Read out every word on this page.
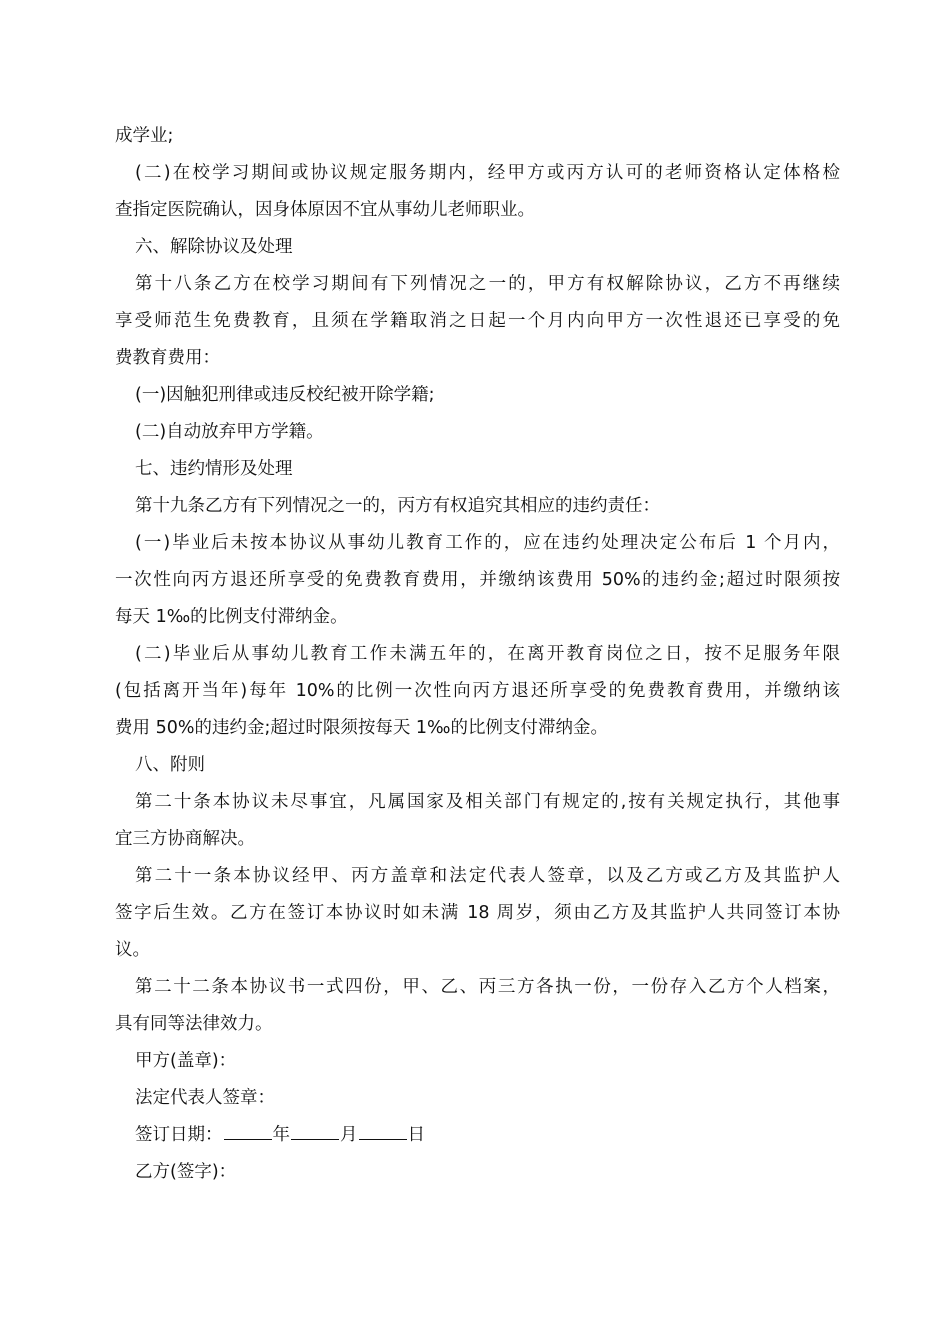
成学业;
(二)在校学习期间或协议规定服务期内，经甲方或丙方认可的老师资格认定体格检
查指定医院确认，因身体原因不宜从事幼儿老师职业。
六、解除协议及处理
第十八条乙方在校学习期间有下列情况之一的，甲方有权解除协议，乙方不再继续
享受师范生免费教育，且须在学籍取消之日起一个月内向甲方一次性退还已享受的免
费教育费用：
(一)因触犯刑律或违反校纪被开除学籍;
(二)自动放弃甲方学籍。
七、违约情形及处理
第十九条乙方有下列情况之一的，丙方有权追究其相应的违约责任：
(一)毕业后未按本协议从事幼儿教育工作的，应在违约处理决定公布后 1 个月内，
一次性向丙方退还所享受的免费教育费用，并缴纳该费用 50%的违约金;超过时限须按
每天 1‰的比例支付滞纳金。
(二)毕业后从事幼儿教育工作未满五年的，在离开教育岗位之日，按不足服务年限
(包括离开当年)每年 10%的比例一次性向丙方退还所享受的免费教育费用，并缴纳该
费用 50%的违约金;超过时限须按每天 1‰的比例支付滞纳金。
八、附则
第二十条本协议未尽事宜，凡属国家及相关部门有规定的,按有关规定执行，其他事
宜三方协商解决。
第二十一条本协议经甲、丙方盖章和法定代表人签章，以及乙方或乙方及其监护人
签字后生效。乙方在签订本协议时如未满 18 周岁，须由乙方及其监护人共同签订本协
议。
第二十二条本协议书一式四份，甲、乙、丙三方各执一份，一份存入乙方个人档案，
具有同等法律效力。
甲方(盖章)：
法定代表人签章：
签订日期：	年	月	日
乙方(签字)：
